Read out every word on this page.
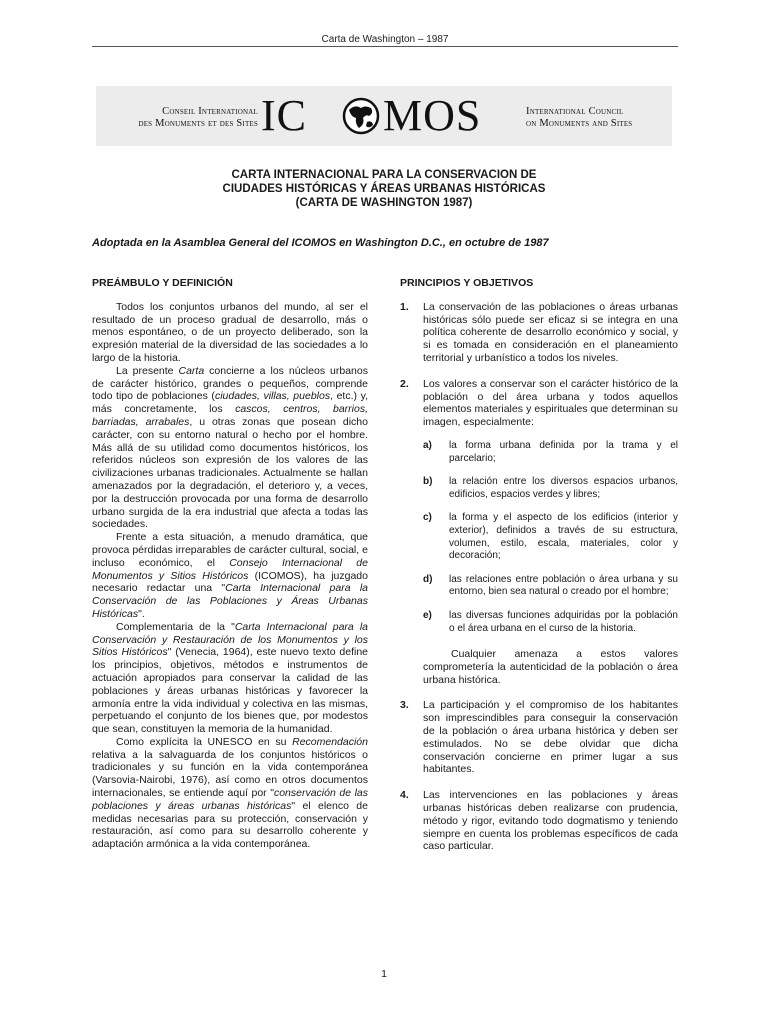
Carta de Washington – 1987
Conseil International
des Monuments et des Sites IC MOS	International Council
on Monuments and Sites
CARTA INTERNACIONAL PARA LA CONSERVACION DE
CIUDADES HISTÓRICAS Y ÁREAS URBANAS HISTÓRICAS
(CARTA DE WASHINGTON 1987)
Adoptada en la Asamblea General del ICOMOS en Washington D.C., en octubre de 1987
PREÁMBULO Y DEFINICIÓN

Todos los conjuntos urbanos del mundo, al ser el resultado de un proceso gradual de desarrollo, más o menos espontáneo, o de un proyecto deliberado, son la expresión material de la diversidad de las sociedades a lo largo de la historia.

La presente Carta concierne a los núcleos urbanos de carácter histórico, grandes o pequeños, comprende todo tipo de poblaciones (ciudades, villas, pueblos, etc.) y, más concretamente, los cascos, centros, barrios, barriadas, arrabales, u otras zonas que posean dicho carácter, con su entorno natural o hecho por el hombre. Más allá de su utilidad como documentos históricos, los referidos núcleos son expresión de los valores de las civilizaciones urbanas tradicionales. Actualmente se hallan amenazados por la degradación, el deterioro y, a veces, por la destrucción provocada por una forma de desarrollo urbano surgida de la era industrial que afecta a todas las sociedades.

Frente a esta situación, a menudo dramática, que provoca pérdidas irreparables de carácter cultural, social, e incluso económico, el Consejo Internacional de Monumentos y Sitios Históricos (ICOMOS), ha juzgado necesario redactar una "Carta Internacional para la Conservación de las Poblaciones y Áreas Urbanas Históricas".

Complementaria de la "Carta Internacional para la Conservación y Restauración de los Monumentos y los Sitios Históricos" (Venecia, 1964), este nuevo texto define los principios, objetivos, métodos e instrumentos de actuación apropiados para conservar la calidad de las poblaciones y áreas urbanas históricas y favorecer la armonía entre la vida individual y colectiva en las mismas, perpetuando el conjunto de los bienes que, por modestos que sean, constituyen la memoria de la humanidad.

Como explícita la UNESCO en su Recomendación relativa a la salvaguarda de los conjuntos históricos o tradicionales y su función en la vida contemporánea (Varsovia-Nairobi, 1976), así como en otros documentos internacionales, se entiende aquí por "conservación de las poblaciones y áreas urbanas históricas" el elenco de medidas necesarias para su protección, conservación y restauración, así como para su desarrollo coherente y adaptación armónica a la vida contemporánea.

PRINCIPIOS Y OBJETIVOS
1. La conservación de las poblaciones o áreas urbanas históricas sólo puede ser eficaz si se integra en una política coherente de desarrollo económico y social, y si es tomada en consideración en el planeamiento territorial y urbanístico a todos los niveles.
2. Los valores a conservar son el carácter histórico de la población o del área urbana y todos aquellos elementos materiales y espirituales que determinan su imagen, especialmente:
a) la forma urbana definida por la trama y el parcelario;
b) la relación entre los diversos espacios urbanos, edificios, espacios verdes y libres;
c) la forma y el aspecto de los edificios (interior y exterior), definidos a través de su estructura, volumen, estilo, escala, materiales, color y decoración;
d) las relaciones entre población o área urbana y su entorno, bien sea natural o creado por el hombre;
e) las diversas funciones adquiridas por la población o el área urbana en el curso de la historia.
Cualquier amenaza a estos valores comprometería la autenticidad de la población o área urbana histórica.
3. La participación y el compromiso de los habitantes son imprescindibles para conseguir la conservación de la población o área urbana histórica y deben ser estimulados. No se debe olvidar que dicha conservación concierne en primer lugar a sus habitantes.
4. Las intervenciones en las poblaciones y áreas urbanas históricas deben realizarse con prudencia, método y rigor, evitando todo dogmatismo y teniendo siempre en cuenta los problemas específicos de cada caso particular.
1
